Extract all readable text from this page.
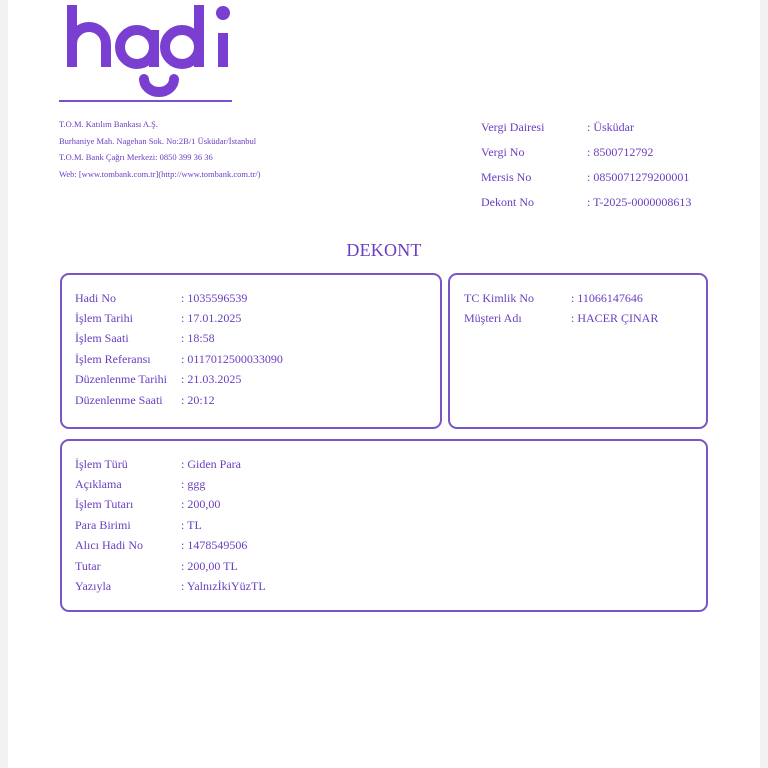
T.O.M. Katılım Bankası A.Ş.
Burhaniye Mah. Nagehan Sok. No:2B/1 Üsküdar/İstanbul
T.O.M. Bank Çağrı Merkezi: 0850 399 36 36
Web: [www.tombank.com.tr](http://www.tombank.com.tr/)
Vergi Dairesi	: Üsküdar
Vergi No	: 8500712792
Mersis No	: 0850071279200001
Dekont No	: T-2025-0000008613
DEKONT
Hadi No	: 1035596539
İşlem Tarihi	: 17.01.2025
İşlem Saati	: 18:58
İşlem Referansı	: 0117012500033090
Düzenlenme Tarihi	: 21.03.2025
Düzenlenme Saati	: 20:12
TC Kimlik No	: 11066147646
Müşteri Adı	: HACER ÇINAR
İşlem Türü	: Giden Para
Açıklama	: ggg
İşlem Tutarı	: 200,00
Para Birimi	: TL
Alıcı Hadi No	: 1478549506
Tutar	: 200,00 TL
Yazıyla	: YalnızİkiYüzTL
